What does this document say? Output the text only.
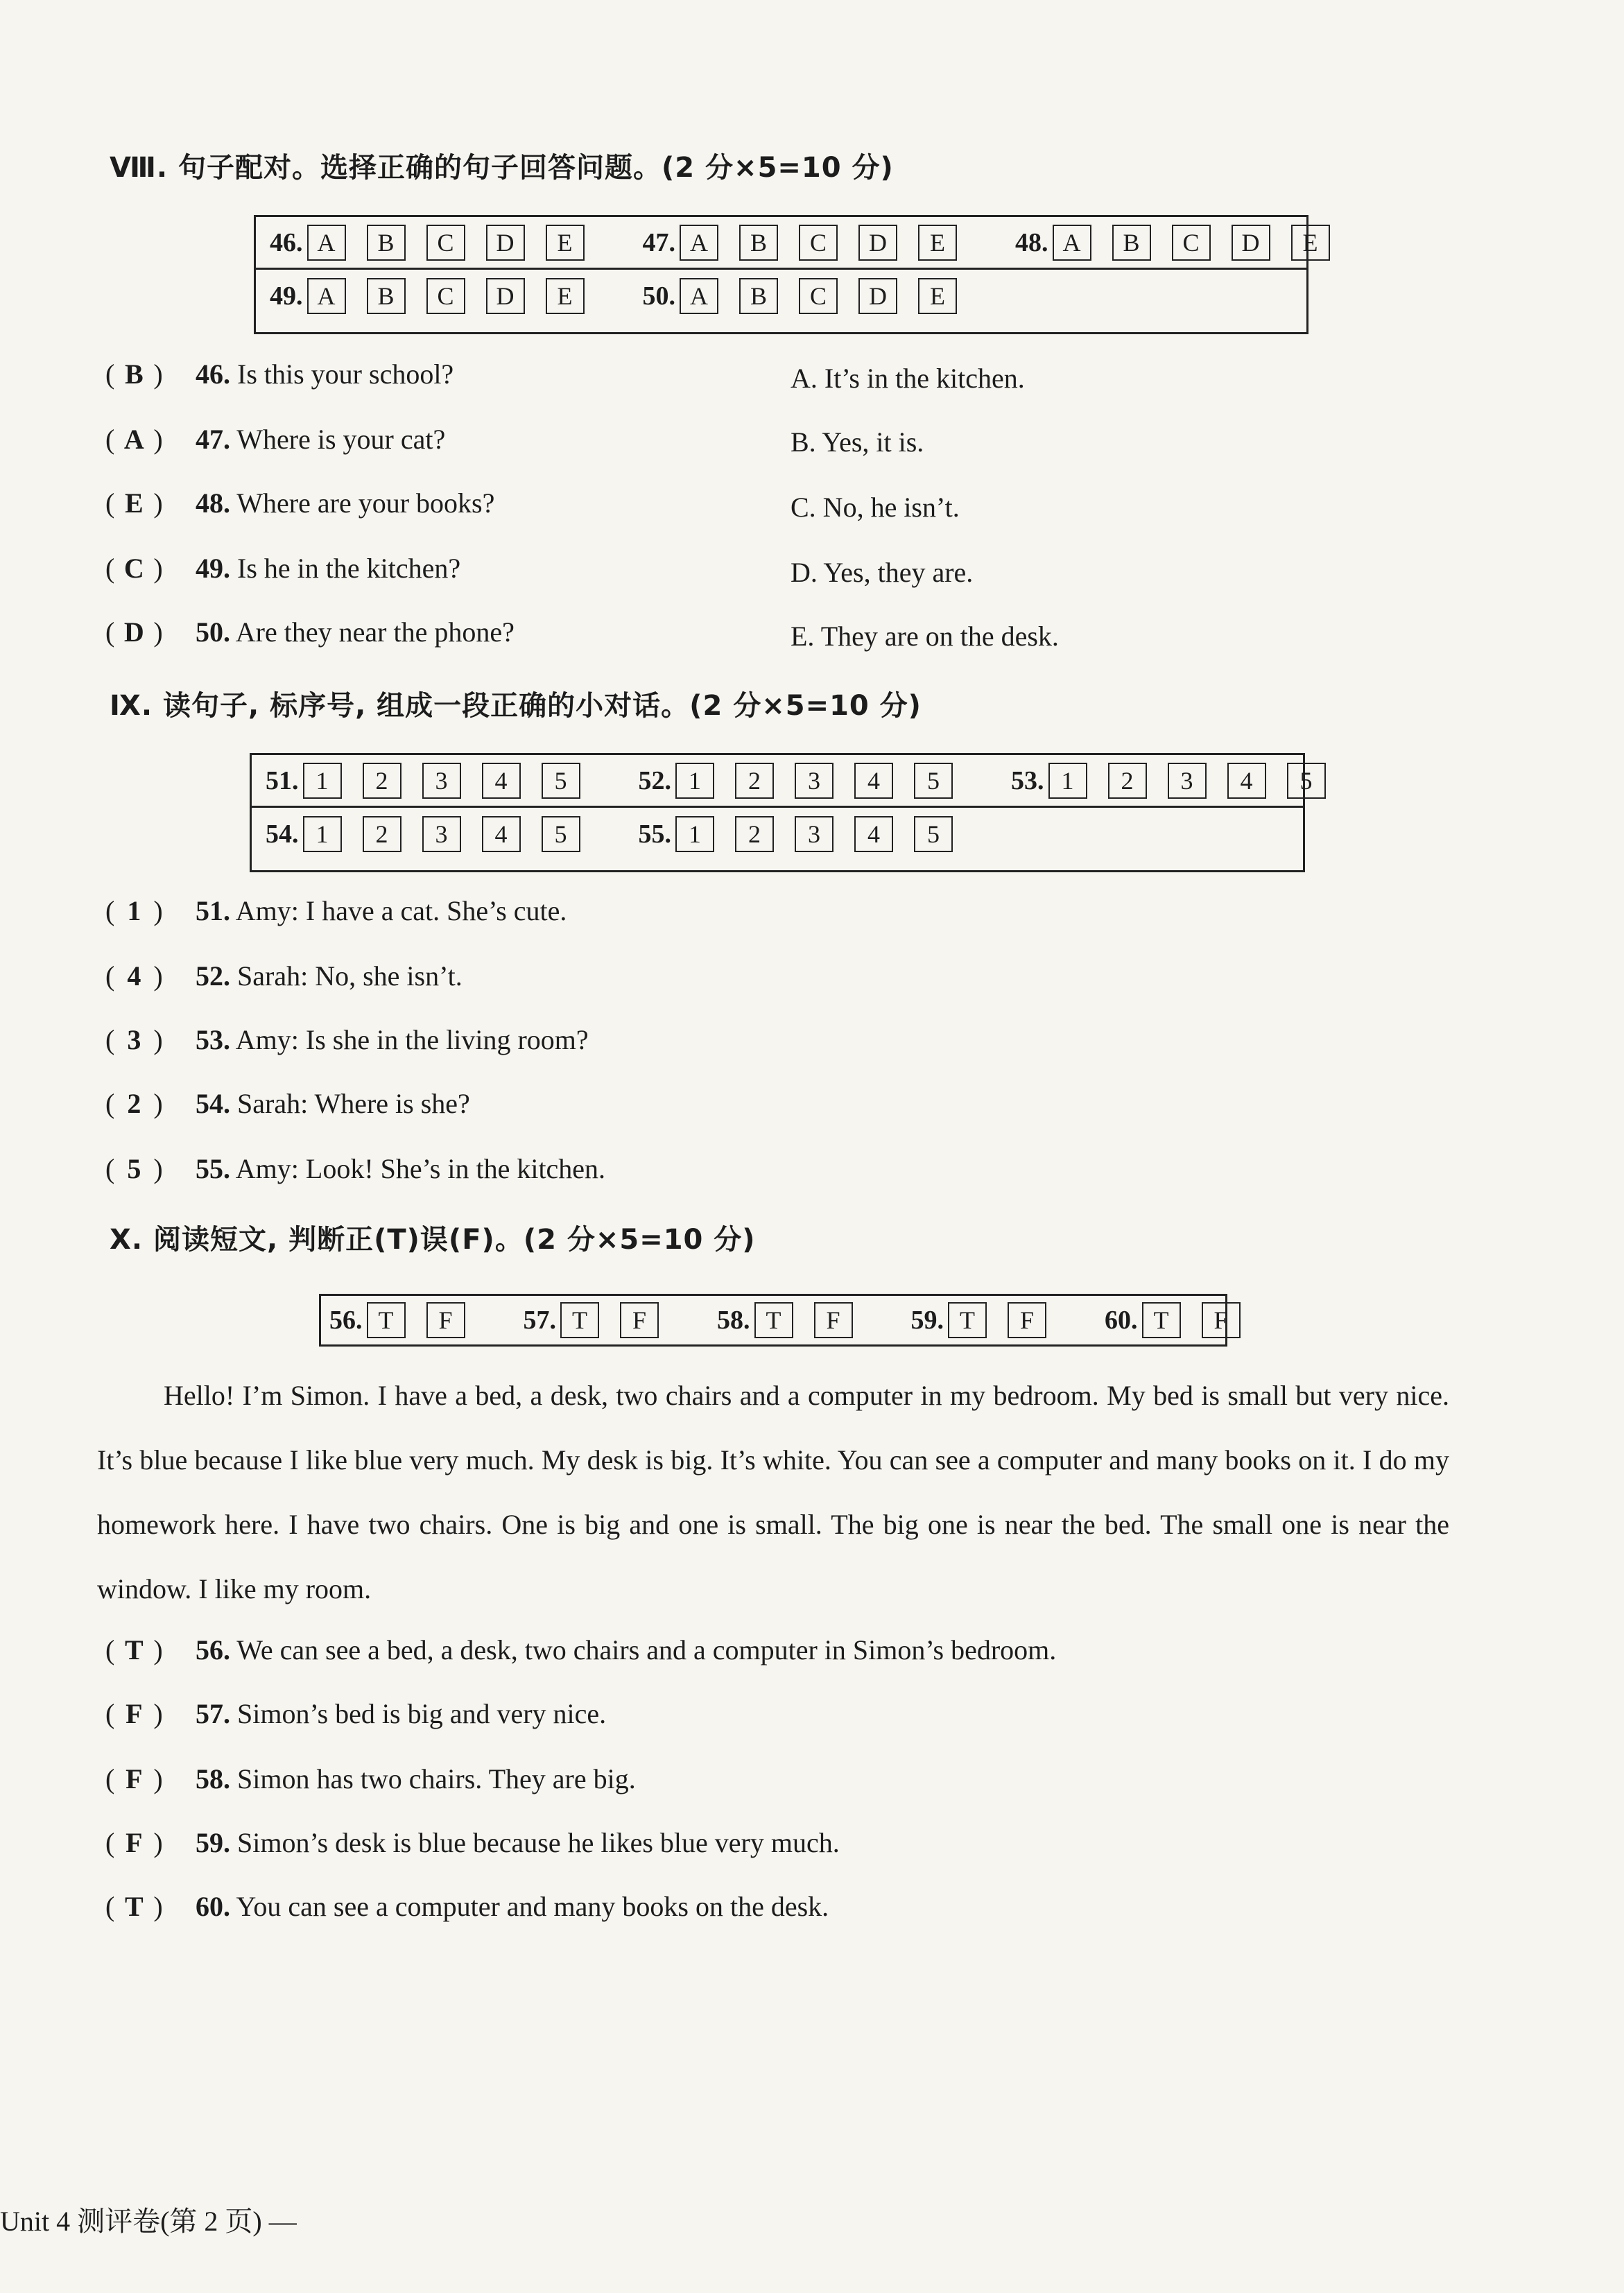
Ⅷ. 句子配对。选择正确的句子回答问题。(2 分×5=10 分)
46. A	B	C	D	E	47. A	B	C	D	E	48. A	B	C	D	E
49. A	B	C	D	E	50. A	B	C	D	E
( B ) 46. Is this your school?
( A ) 47. Where is your cat?
( E ) 48. Where are your books?
( C ) 49. Is he in the kitchen?
( D ) 50. Are they near the phone?
A. It’s in the kitchen.
B. Yes, it is.
C. No, he isn’t.
D. Yes, they are.
E. They are on the desk.
Ⅸ. 读句子, 标序号, 组成一段正确的小对话。(2 分×5=10 分)
51. 1	2	3	4	5	52. 1	2	3	4	5	53. 1	2	3	4	5
54. 1	2	3	4	5	55. 1	2	3	4	5
( 1 ) 51. Amy: I have a cat. She’s cute.
( 4 ) 52. Sarah: No, she isn’t.
( 3 ) 53. Amy: Is she in the living room?
( 2 ) 54. Sarah: Where is she?
( 5 ) 55. Amy: Look! She’s in the kitchen.
Ⅹ. 阅读短文, 判断正(T)误(F)。(2 分×5=10 分)
56. T	F	57. T	F	58. T	F	59. T	F	60. T	F
Hello! I’m Simon. I have a bed, a desk, two chairs and a computer in my bedroom. My bed is small but very nice. It’s blue because I like blue very much. My desk is big. It’s white. You can see a computer and many books on it. I do my homework here. I have two chairs. One is big and one is small. The big one is near the bed. The small one is near the window. I like my room.
( T ) 56. We can see a bed, a desk, two chairs and a computer in Simon’s bedroom.
( F ) 57. Simon’s bed is big and very nice.
( F ) 58. Simon has two chairs. They are big.
( F ) 59. Simon’s desk is blue because he likes blue very much.
( T ) 60. You can see a computer and many books on the desk.
Unit 4 测评卷(第 2 页) —
